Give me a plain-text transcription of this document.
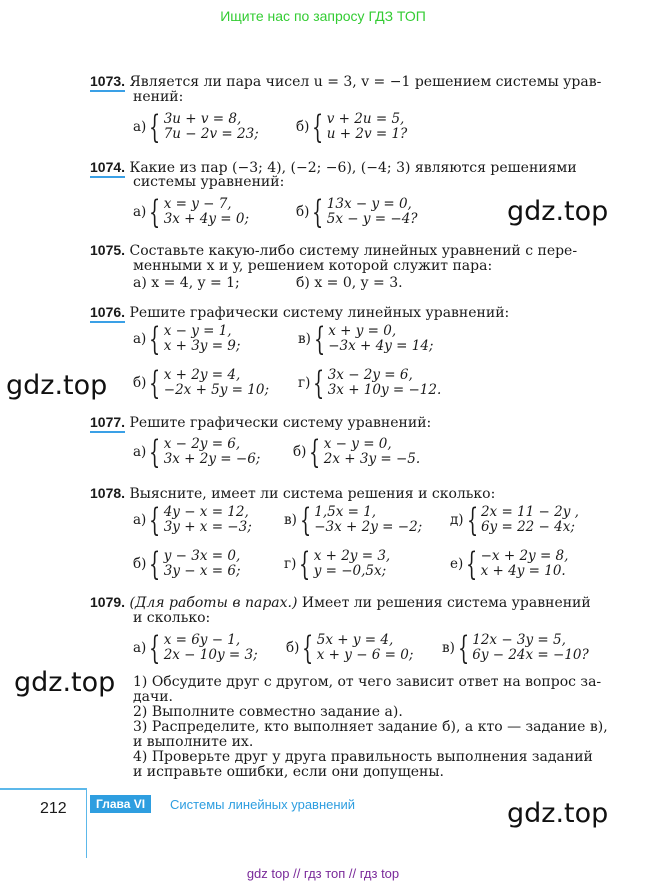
Ищите нас по запросу ГДЗ ТОП
1073. Является ли пара чисел u = 3, v = −1 решением системы урав-
нений:
а) { 3u + v = 8,
7u − 2v = 23;	б) { v + 2u = 5,
u + 2v = 1?
1074. Какие из пар (−3; 4), (−2; −6), (−4; 3) являются решениями
системы уравнений:
а) { x = y − 7,
3x + 4y = 0;	б) { 13x − y = 0,
5x − y = −4?	gdz.top
1075. Составьте какую-либо систему линейных уравнений с пере-
менными x и y, решением которой служит пара:
а) x = 4, y = 1;	б) x = 0, y = 3.
1076. Решите графически систему линейных уравнений:
а) { x − y = 1,
x + 3y = 9;	в) { x + y = 0,
−3x + 4y = 14;
б) { x + 2y = 4,
−2x + 5y = 10; г) { 3x − 2y = 6,
3x + 10y = −12.
gdz.top
1077. Решите графически систему уравнений:
а) { x − 2y = 6,
3x + 2y = −6; б) { x − y = 0,
2x + 3y = −5.
1078. Выясните, имеет ли система решения и сколько:
а) { 4y − x = 12,
3y + x = −3; в) { 1,5x = 1,
−3x + 2y = −2; д) { 2x = 11 − 2y ,
6y = 22 − 4x;
б) { y − 3x = 0,
3y − x = 6;	г) { x + 2y = 3,
y = −0,5x;	е) { −x + 2y = 8,
x + 4y = 10.
1079. (Для работы в парах.) Имеет ли решения система уравнений
и сколько:
а) { x = 6y − 1,
2x − 10y = 3; б) { 5x + y = 4,
x + y − 6 = 0; в) { 12x − 3y = 5,
6y − 24x = −10?
gdz.top 1) Обсудите друг с другом, от чего зависит ответ на вопрос за-
дачи.
2) Выполните совместно задание а).
3) Распределите, кто выполняет задание б), а кто — задание в),
и выполните их.
4) Проверьте друг у друга правильность выполнения заданий
и исправьте ошибки, если они допущены.
212	Глава VI	Системы линейных уравнений	gdz.top
gdz top // гдз топ // гдз top
